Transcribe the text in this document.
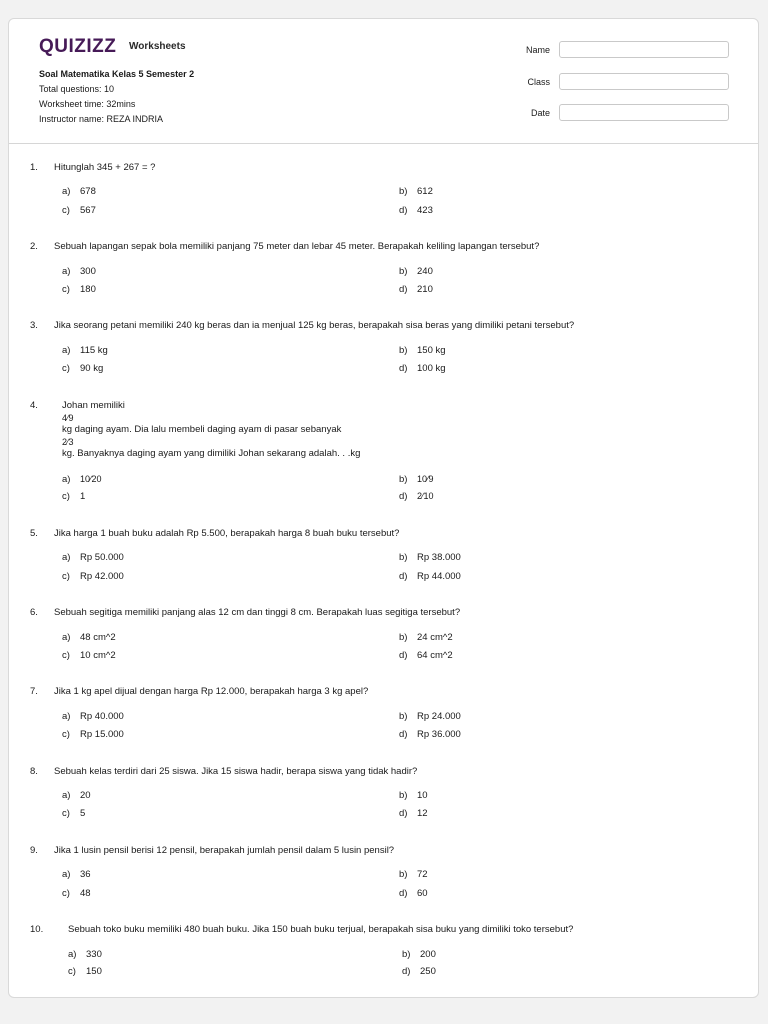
QUIZIZZ Worksheets
Soal Matematika Kelas 5 Semester 2
Total questions: 10
Worksheet time: 32mins
Instructor name: REZA INDRIA
Name
Class
Date
1. Hitunglah 345 + 267 = ?
a) 678	b) 612
c) 567	d) 423
2. Sebuah lapangan sepak bola memiliki panjang 75 meter dan lebar 45 meter. Berapakah keliling lapangan tersebut?
a) 300	b) 240
c) 180	d) 210
3. Jika seorang petani memiliki 240 kg beras dan ia menjual 125 kg beras, berapakah sisa beras yang dimiliki petani tersebut?
a) 115 kg	b) 150 kg
c) 90 kg	d) 100 kg
4.	Johan memiliki
4⁄9
kg daging ayam. Dia lalu membeli daging ayam di pasar sebanyak
2⁄3
kg. Banyaknya daging ayam yang dimiliki Johan sekarang adalah. . .kg
a) 10⁄20	b) 10⁄9
c) 1	d) 2⁄10
5. Jika harga 1 buah buku adalah Rp 5.500, berapakah harga 8 buah buku tersebut?
a) Rp 50.000	b) Rp 38.000
c) Rp 42.000	d) Rp 44.000
6. Sebuah segitiga memiliki panjang alas 12 cm dan tinggi 8 cm. Berapakah luas segitiga tersebut?
a) 48 cm^2	b) 24 cm^2
c) 10 cm^2	d) 64 cm^2
7. Jika 1 kg apel dijual dengan harga Rp 12.000, berapakah harga 3 kg apel?
a) Rp 40.000	b) Rp 24.000
c) Rp 15.000	d) Rp 36.000
8. Sebuah kelas terdiri dari 25 siswa. Jika 15 siswa hadir, berapa siswa yang tidak hadir?
a) 20	b) 10
c) 5	d) 12
9. Jika 1 lusin pensil berisi 12 pensil, berapakah jumlah pensil dalam 5 lusin pensil?
a) 36	b) 72
c) 48	d) 60
10.	Sebuah toko buku memiliki 480 buah buku. Jika 150 buah buku terjual, berapakah sisa buku yang dimiliki toko tersebut?
a) 330	b) 200
c) 150	d) 250
